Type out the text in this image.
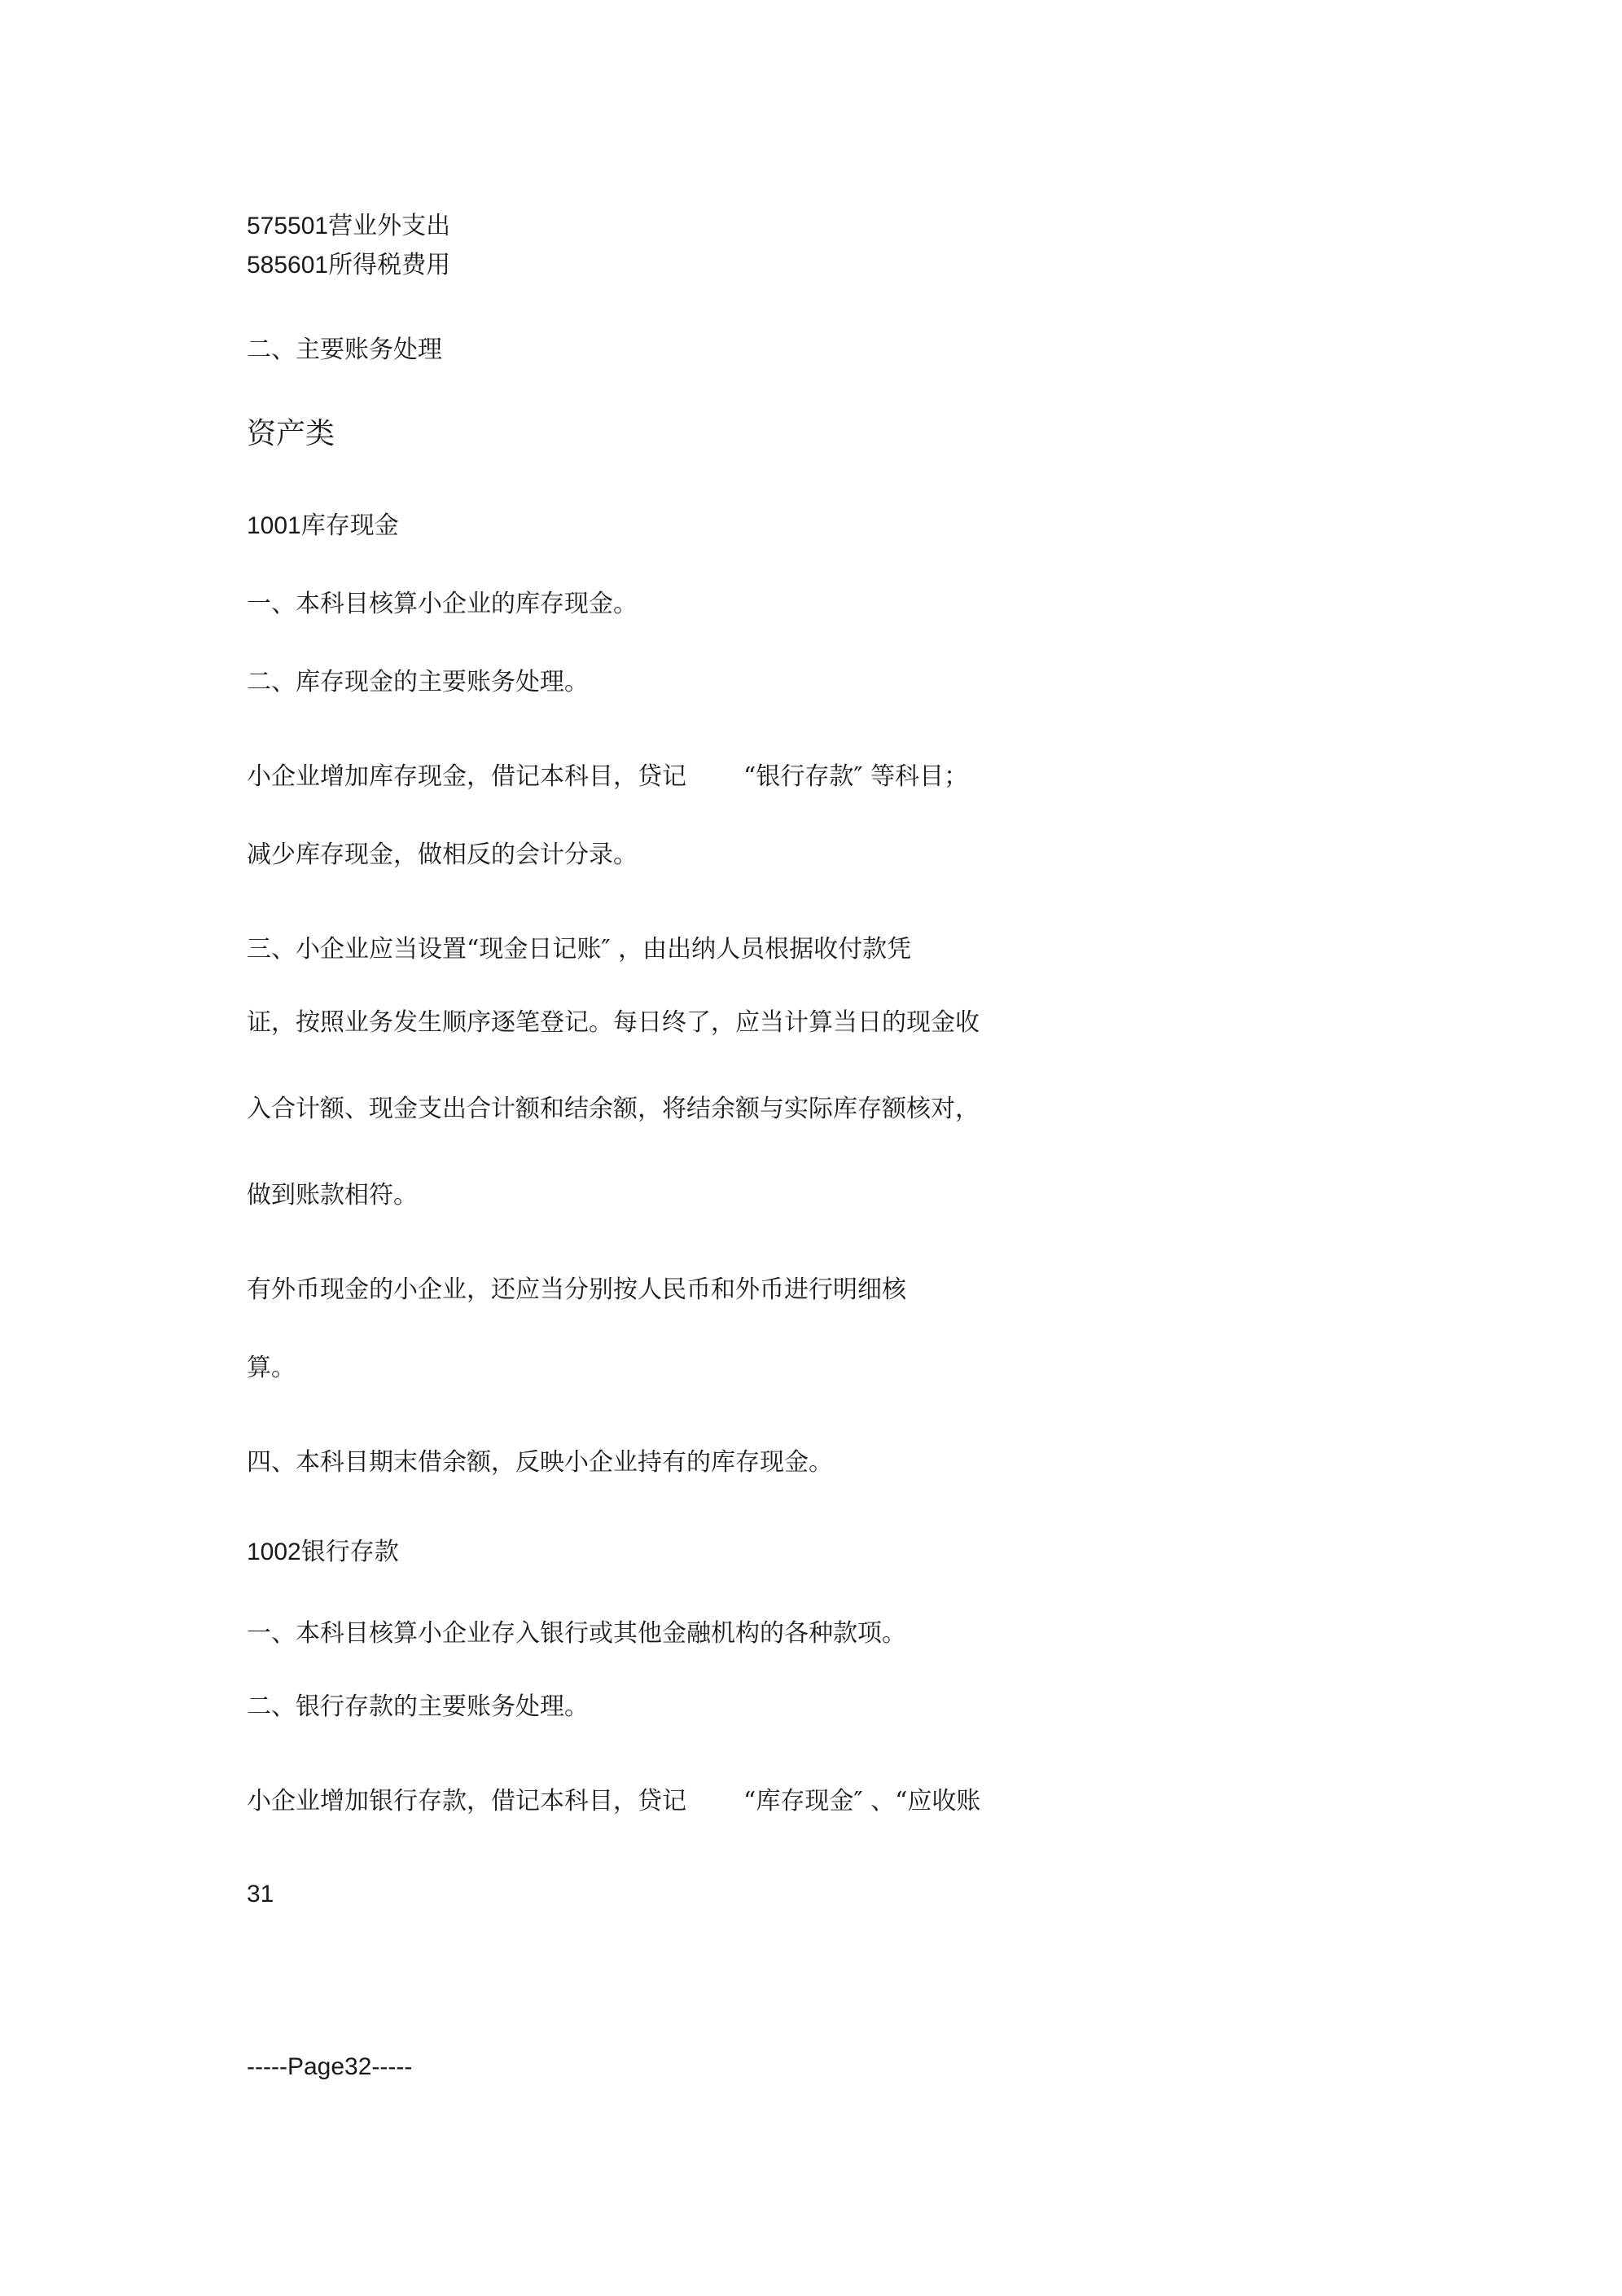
575501营业外支出
585601所得税费用
二、主要账务处理
资产类
1001库存现金
一、本科目核算小企业的库存现金。
二、库存现金的主要账务处理。
小企业增加库存现金，借记本科目，贷记 “银行存款″ 等科目；
减少库存现金，做相反的会计分录。
三、小企业应当设置“现金日记账″ ，由出纳人员根据收付款凭
证，按照业务发生顺序逐笔登记。每日终了，应当计算当日的现金收
入合计额、现金支出合计额和结余额，将结余额与实际库存额核对，
做到账款相符。
有外币现金的小企业，还应当分别按人民币和外币进行明细核
算。
四、本科目期末借余额，反映小企业持有的库存现金。
1002银行存款
一、本科目核算小企业存入银行或其他金融机构的各种款项。
二、银行存款的主要账务处理。
小企业增加银行存款，借记本科目，贷记 “库存现金″ 、“应收账
31
-----Page32-----
